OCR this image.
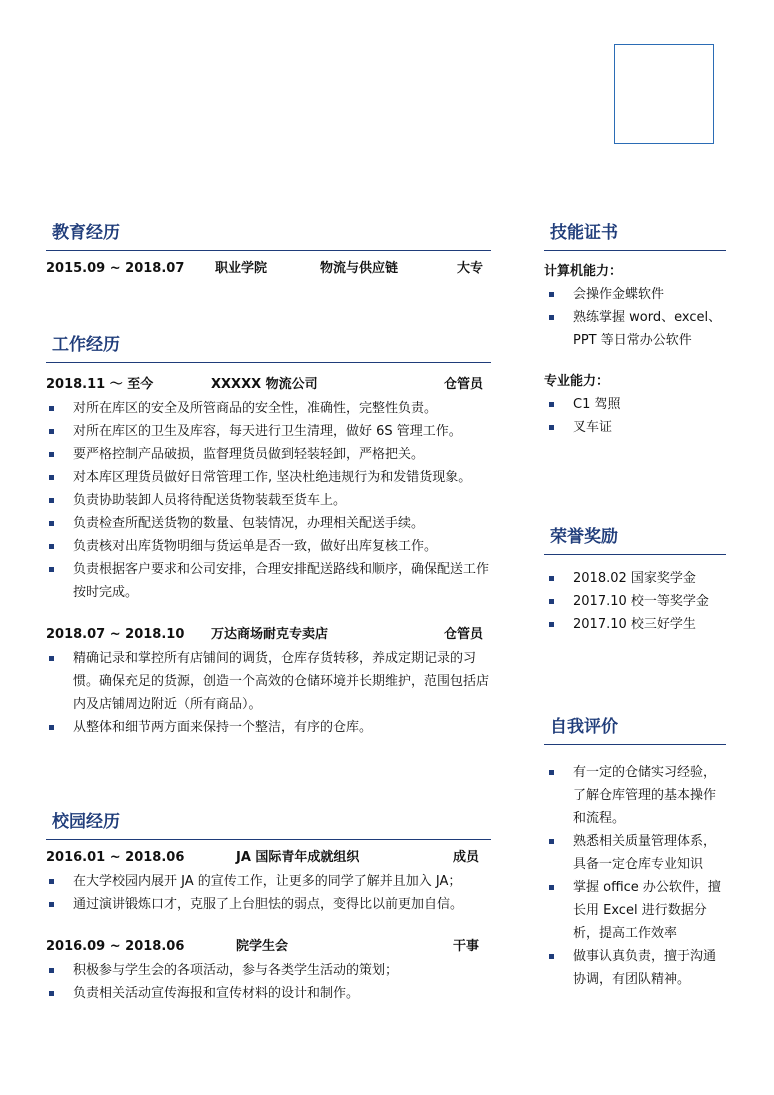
教育经历
2015.09 ~ 2018.07 职业学院	物流与供应链	大专
工作经历
2018.11 ～ 至今	XXXXX 物流公司	仓管员
对所在库区的安全及所管商品的安全性，准确性，完整性负责。
对所在库区的卫生及库容，每天进行卫生清理，做好 6S 管理工作。
要严格控制产品破损，监督理货员做到轻装轻卸，严格把关。
对本库区理货员做好日常管理工作, 坚决杜绝违规行为和发错货现象。
负责协助装卸人员将待配送货物装载至货车上。
负责检查所配送货物的数量、包装情况，办理相关配送手续。
负责核对出库货物明细与货运单是否一致，做好出库复核工作。
负责根据客户要求和公司安排，合理安排配送路线和顺序，确保配送工作按时完成。
2018.07 ~ 2018.10 万达商场耐克专卖店	仓管员
精确记录和掌控所有店铺间的调货，仓库存货转移，养成定期记录的习惯。确保充足的货源，创造一个高效的仓储环境并长期维护，范围包括店内及店铺周边附近（所有商品）。
从整体和细节两方面来保持一个整洁，有序的仓库。
校园经历
2016.01 ~ 2018.06	JA 国际青年成就组织	成员
在大学校园内展开 JA 的宣传工作，让更多的同学了解并且加入 JA；
通过演讲锻炼口才，克服了上台胆怯的弱点，变得比以前更加自信。
2016.09 ~ 2018.06	院学生会	干事
积极参与学生会的各项活动，参与各类学生活动的策划；
负责相关活动宣传海报和宣传材料的设计和制作。
技能证书
计算机能力：
会操作金蝶软件
熟练掌握 word、excel、PPT 等日常办公软件
专业能力：
C1 驾照
叉车证
荣誉奖励
2018.02 国家奖学金
2017.10 校一等奖学金
2017.10 校三好学生
自我评价
有一定的仓储实习经验，了解仓库管理的基本操作和流程。
熟悉相关质量管理体系，具备一定仓库专业知识
掌握 office 办公软件，擅长用 Excel 进行数据分析，提高工作效率
做事认真负责，擅于沟通协调，有团队精神。
